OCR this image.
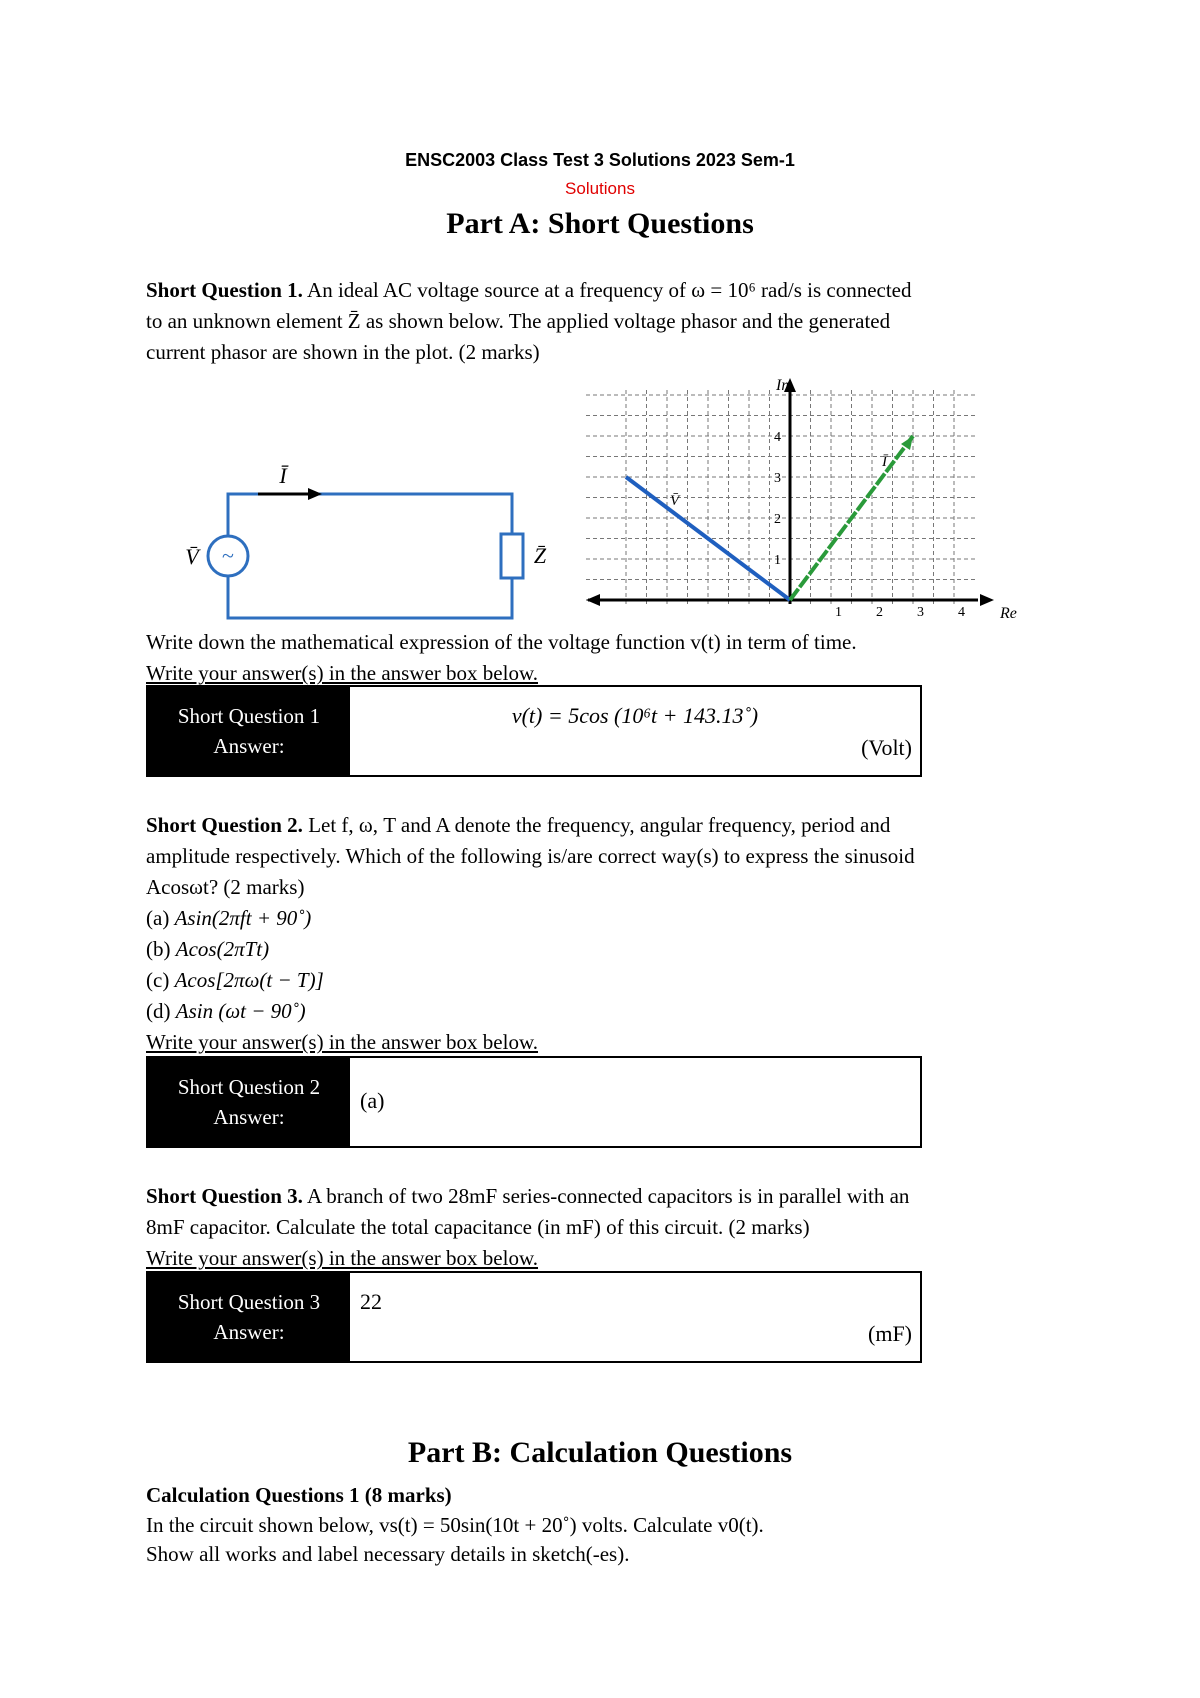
ENSC2003 Class Test 3 Solutions 2023 Sem-1
Solutions
Part A: Short Questions
Short Question 1. An ideal AC voltage source at a frequency of ω = 10⁶ rad/s is connected
to an unknown element Z̄ as shown below. The applied voltage phasor and the generated
current phasor are shown in the plot. (2 marks)
~
Ī
V̄	Z̄
Im
Re
1 2 3 4
1
2
3
4
V̄
Ī
Write down the mathematical expression of the voltage function v(t) in term of time.
Write your answer(s) in the answer box below.
Short Question 1
Answer:
v(t) = 5cos (10⁶t + 143.13˚)
(Volt)
Short Question 2. Let f, ω, T and A denote the frequency, angular frequency, period and
amplitude respectively. Which of the following is/are correct way(s) to express the sinusoid
Acosωt? (2 marks)
(a) Asin(2πft + 90˚)
(b) Acos(2πTt)
(c) Acos[2πω(t − T)]
(d) Asin (ωt − 90˚)
Write your answer(s) in the answer box below.
Short Question 2
Answer:
(a)
Short Question 3. A branch of two 28mF series-connected capacitors is in parallel with an
8mF capacitor. Calculate the total capacitance (in mF) of this circuit. (2 marks)
Write your answer(s) in the answer box below.
Short Question 3
Answer:
22
(mF)
Part B: Calculation Questions
Calculation Questions 1 (8 marks)
In the circuit shown below, vs(t) = 50sin(10t + 20˚) volts. Calculate v0(t).
Show all works and label necessary details in sketch(-es).
